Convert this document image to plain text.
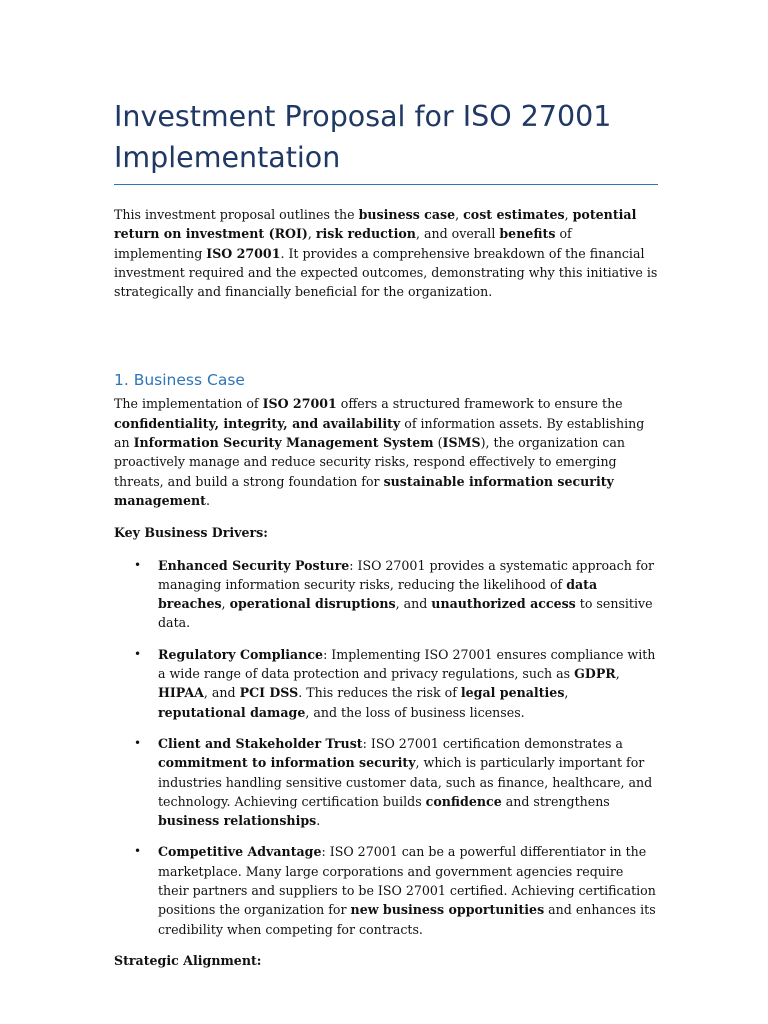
Investment Proposal for ISO 27001 Implementation

This investment proposal outlines the business case, cost estimates, potential return on investment (ROI), risk reduction, and overall benefits of implementing ISO 27001. It provides a comprehensive breakdown of the financial investment required and the expected outcomes, demonstrating why this initiative is strategically and financially beneficial for the organization.

1. Business Case

The implementation of ISO 27001 offers a structured framework to ensure the confidentiality, integrity, and availability of information assets. By establishing an Information Security Management System (ISMS), the organization can proactively manage and reduce security risks, respond effectively to emerging threats, and build a strong foundation for sustainable information security management.

Key Business Drivers:

• Enhanced Security Posture: ISO 27001 provides a systematic approach for managing information security risks, reducing the likelihood of data breaches, operational disruptions, and unauthorized access to sensitive data.
• Regulatory Compliance: Implementing ISO 27001 ensures compliance with a wide range of data protection and privacy regulations, such as GDPR, HIPAA, and PCI DSS. This reduces the risk of legal penalties, reputational damage, and the loss of business licenses.
• Client and Stakeholder Trust: ISO 27001 certification demonstrates a commitment to information security, which is particularly important for industries handling sensitive customer data, such as finance, healthcare, and technology. Achieving certification builds confidence and strengthens business relationships.
• Competitive Advantage: ISO 27001 can be a powerful differentiator in the marketplace. Many large corporations and government agencies require their partners and suppliers to be ISO 27001 certified. Achieving certification positions the organization for new business opportunities and enhances its credibility when competing for contracts.

Strategic Alignment:
